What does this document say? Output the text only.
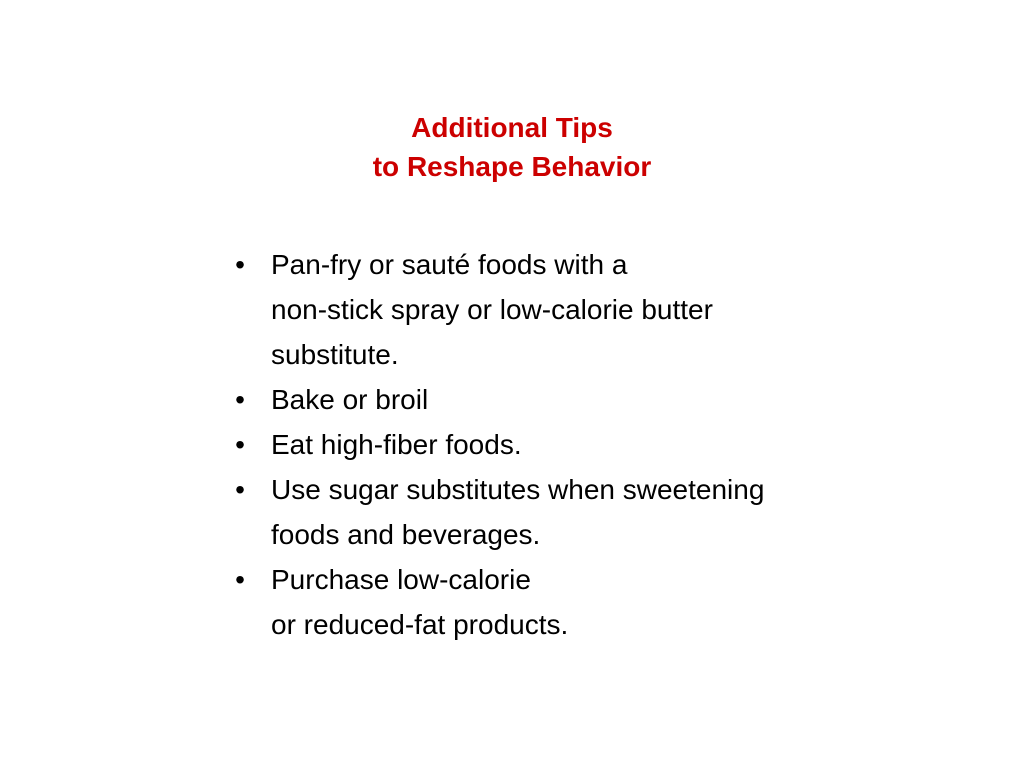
Additional Tips
to Reshape Behavior
• Pan-fry or sauté foods with a
non-stick spray or low-calorie butter
substitute.
• Bake or broil
• Eat high-fiber foods.
• Use sugar substitutes when sweetening
foods and beverages.
• Purchase low-calorie
or reduced-fat products.
